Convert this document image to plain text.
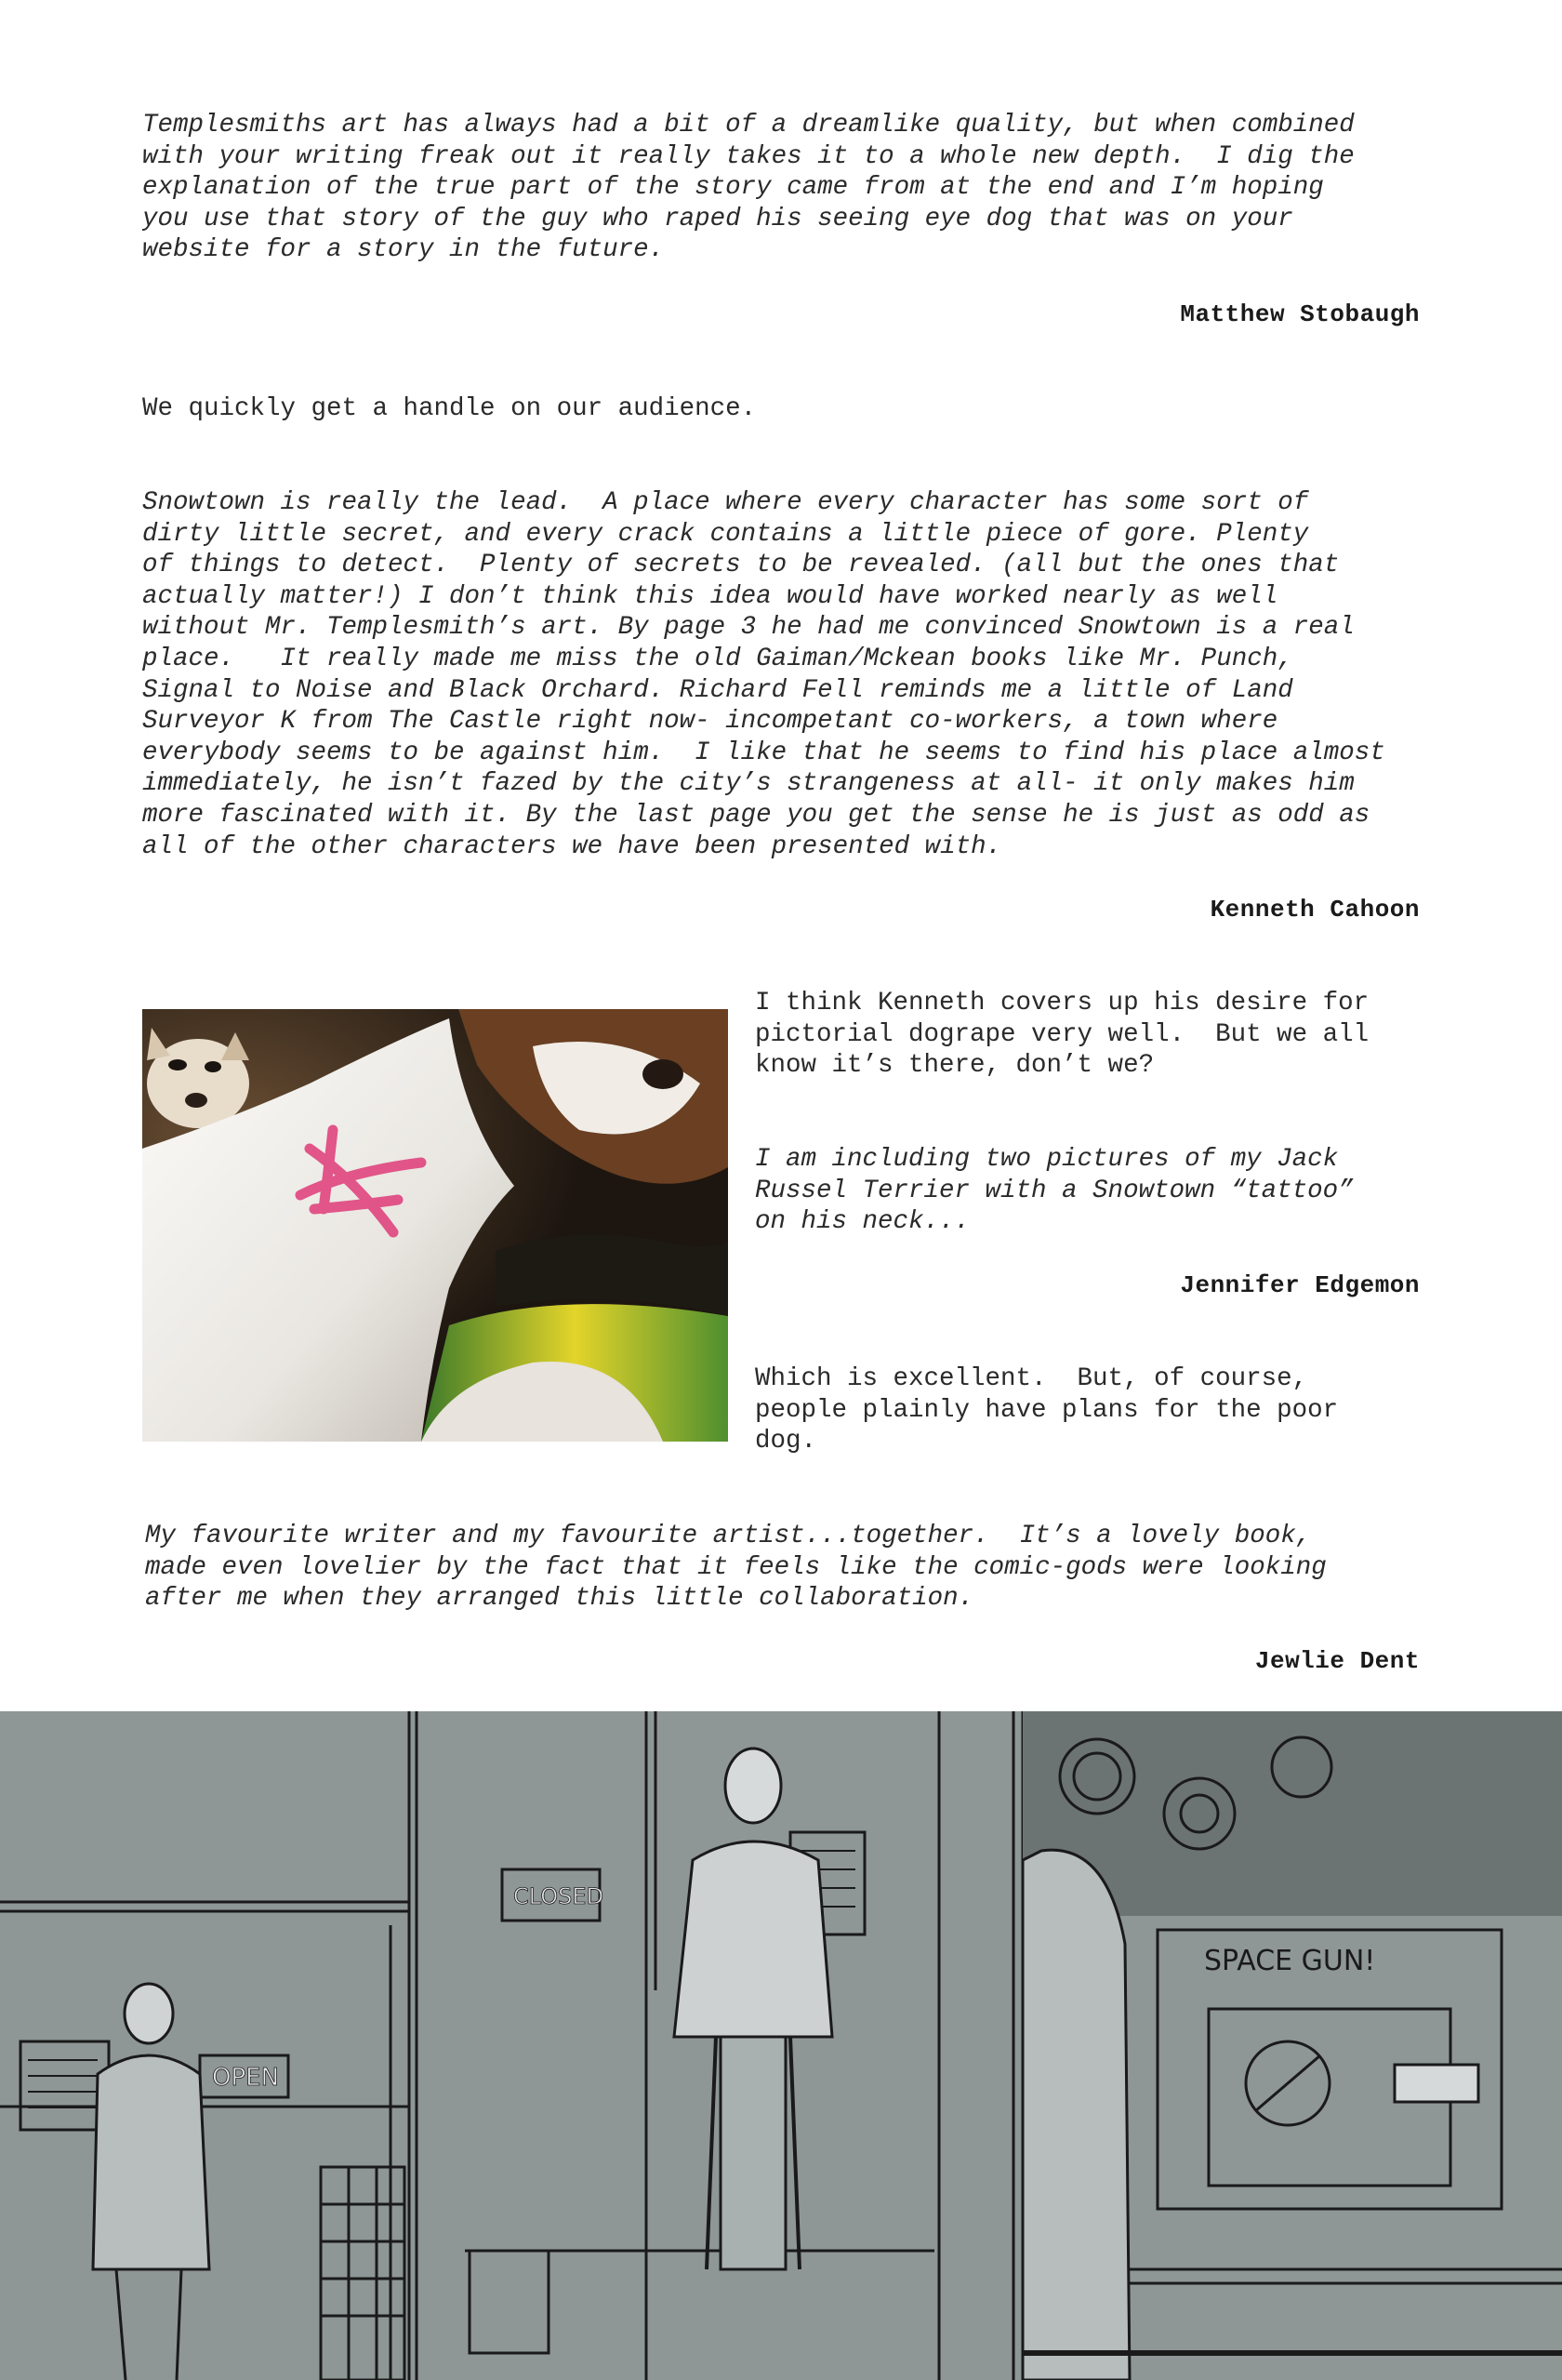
Templesmiths art has always had a bit of a dreamlike quality, but when combined
with your writing freak out it really takes it to a whole new depth.  I dig the
explanation of the true part of the story came from at the end and I’m hoping
you use that story of the guy who raped his seeing eye dog that was on your
website for a story in the future.
Matthew Stobaugh
We quickly get a handle on our audience.
Snowtown is really the lead.  A place where every character has some sort of
dirty little secret, and every crack contains a little piece of gore. Plenty
of things to detect.  Plenty of secrets to be revealed. (all but the ones that
actually matter!) I don’t think this idea would have worked nearly as well
without Mr. Templesmith’s art. By page 3 he had me convinced Snowtown is a real
place.   It really made me miss the old Gaiman/Mckean books like Mr. Punch,
Signal to Noise and Black Orchard. Richard Fell reminds me a little of Land
Surveyor K from The Castle right now- incompetant co-workers, a town where
everybody seems to be against him.  I like that he seems to find his place almost
immediately, he isn’t fazed by the city’s strangeness at all- it only makes him
more fascinated with it. By the last page you get the sense he is just as odd as
all of the other characters we have been presented with.
Kenneth Cahoon
I think Kenneth covers up his desire for
pictorial dogrape very well.  But we all
know it’s there, don’t we?
I am including two pictures of my Jack
Russel Terrier with a Snowtown “tattoo”
on his neck...
Jennifer Edgemon
Which is excellent.  But, of course,
people plainly have plans for the poor
dog.
My favourite writer and my favourite artist...together.  It’s a lovely book,
made even lovelier by the fact that it feels like the comic-gods were looking
after me when they arranged this little collaboration.
Jewlie Dent
OPEN
CLOSED
SPACE GUN!
